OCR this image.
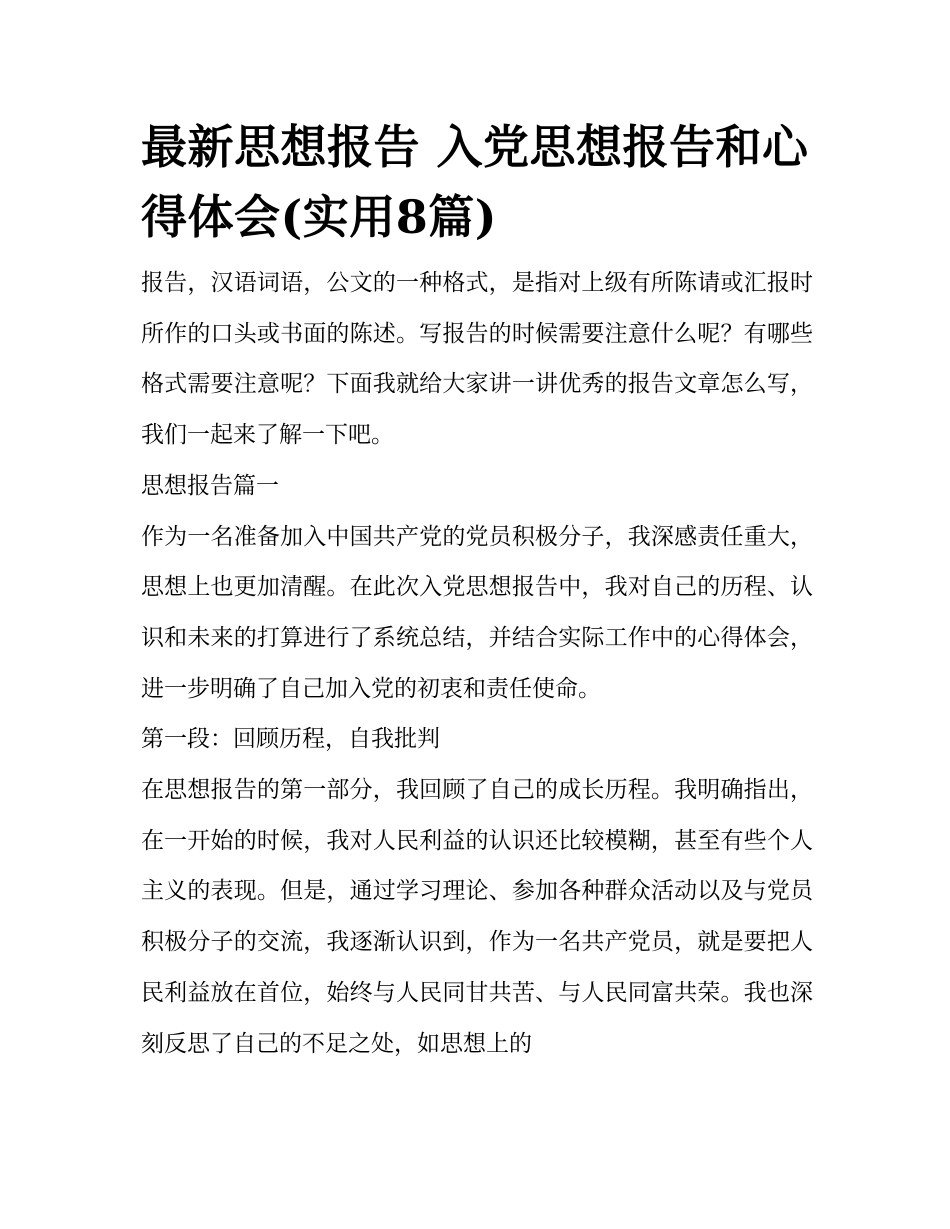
最新思想报告 入党思想报告和心得体会(实用8篇)

报告，汉语词语，公文的一种格式，是指对上级有所陈请或汇报时所作的口头或书面的陈述。写报告的时候需要注意什么呢？有哪些格式需要注意呢？下面我就给大家讲一讲优秀的报告文章怎么写，我们一起来了解一下吧。

思想报告篇一

作为一名准备加入中国共产党的党员积极分子，我深感责任重大，思想上也更加清醒。在此次入党思想报告中，我对自己的历程、认识和未来的打算进行了系统总结，并结合实际工作中的心得体会，进一步明确了自己加入党的初衷和责任使命。

第一段：回顾历程，自我批判

在思想报告的第一部分，我回顾了自己的成长历程。我明确指出，在一开始的时候，我对人民利益的认识还比较模糊，甚至有些个人主义的表现。但是，通过学习理论、参加各种群众活动以及与党员积极分子的交流，我逐渐认识到，作为一名共产党员，就是要把人民利益放在首位，始终与人民同甘共苦、与人民同富共荣。我也深刻反思了自己的不足之处，如思想上的
